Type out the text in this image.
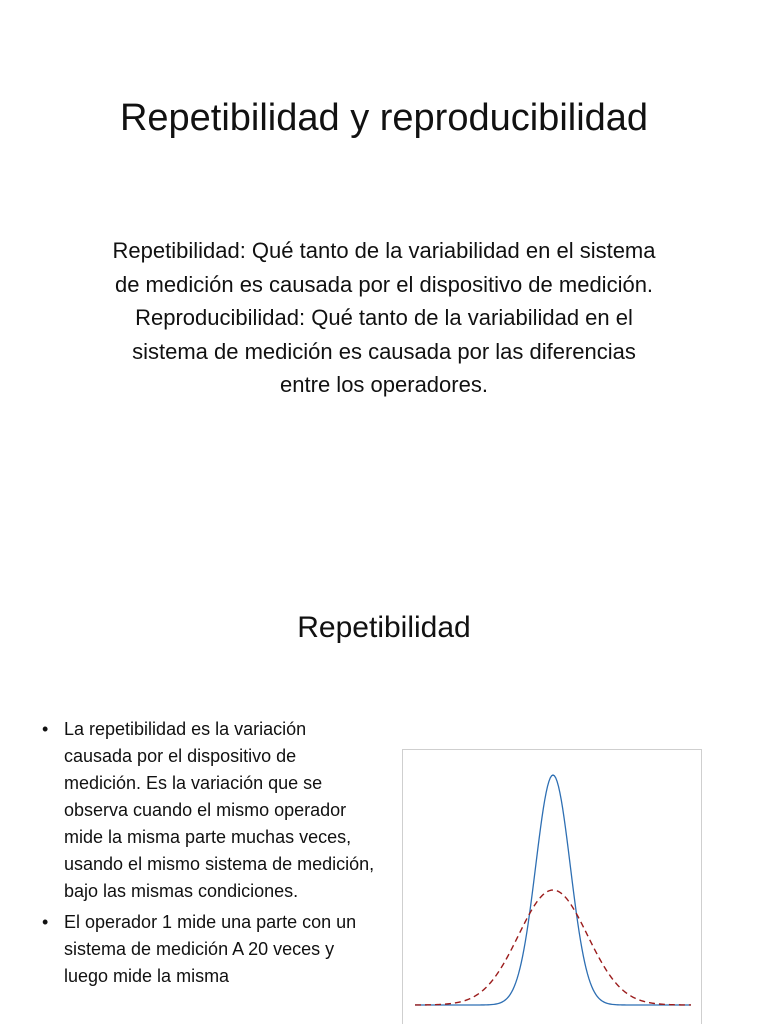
Repetibilidad y reproducibilidad

Repetibilidad: Qué tanto de la variabilidad en el sistema de medición es causada por el dispositivo de medición.

Reproducibilidad: Qué tanto de la variabilidad en el sistema de medición es causada por las diferencias entre los operadores.

Repetibilidad
• La repetibilidad es la variación causada por el dispositivo de medición. Es la variación que se observa cuando el mismo operador mide la misma parte muchas veces, usando el mismo sistema de medición, bajo las mismas condiciones.
• El operador 1 mide una parte con un sistema de medición A 20 veces y luego mide la misma
